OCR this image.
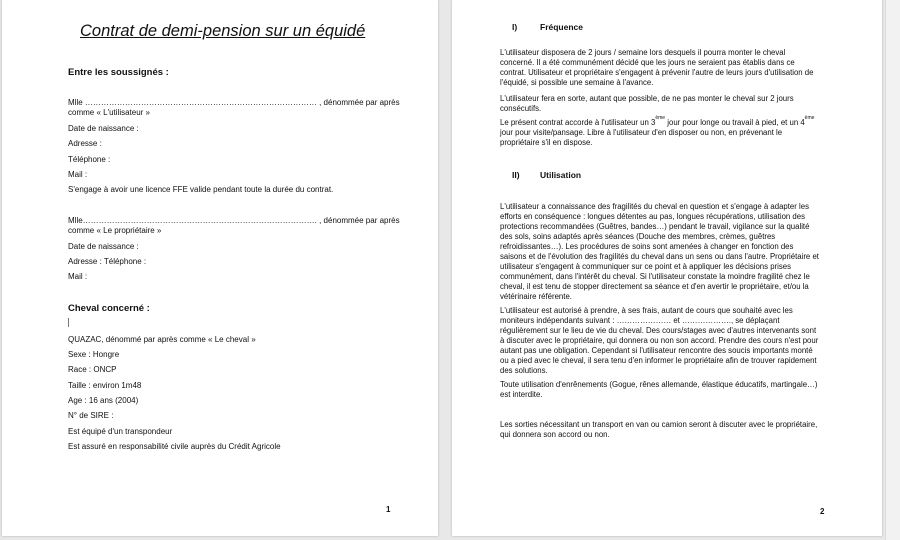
Contrat de demi-pension sur un équidé
Entre les soussignés :
Mlle …………………………………………………………………………… , dénommée par après
comme « L'utilisateur »
Date de naissance :
Adresse :
Téléphone :
Mail :
S'engage à avoir une licence FFE valide pendant toute la durée du contrat.
Mlle……………………………………………………………………………. , dénommée par après
comme « Le propriétaire »
Date de naissance :
Adresse : Téléphone :
Mail :
Cheval concerné :
QUAZAC, dénommé par après comme « Le cheval »
Sexe : Hongre
Race : ONCP
Taille : environ 1m48
Age : 16 ans (2004)
N° de SIRE :
Est équipé d'un transpondeur
Est assuré en responsabilité civile auprès du Crédit Agricole
1
I)	Fréquence
L'utilisateur disposera de 2 jours / semaine lors desquels il pourra monter le cheval
concerné. Il a été communément décidé que les jours ne seraient pas établis dans ce
contrat. Utilisateur et propriétaire s'engagent à prévenir l'autre de leurs jours d'utilisation de
l'équidé, si possible une semaine à l'avance.
L'utilisateur fera en sorte, autant que possible, de ne pas monter le cheval sur 2 jours
consécutifs.
Le présent contrat accorde à l'utilisateur un 3ème jour pour longe ou travail à pied, et un 4ème
jour pour visite/pansage. Libre à l'utilisateur d'en disposer ou non, en prévenant le
propriétaire s'il en dispose.
II) Utilisation
L'utilisateur a connaissance des fragilités du cheval en question et s'engage à adapter les
efforts en conséquence : longues détentes au pas, longues récupérations, utilisation des
protections recommandées (Guêtres, bandes…) pendant le travail, vigilance sur la qualité
des sols, soins adaptés après séances (Douche des membres, crèmes, guêtres
refroidissantes…). Les procédures de soins sont amenées à changer en fonction des
saisons et de l'évolution des fragilités du cheval dans un sens ou dans l'autre. Propriétaire et
utilisateur s'engagent à communiquer sur ce point et à appliquer les décisions prises
communément, dans l'intérêt du cheval. Si l'utilisateur constate la moindre fragilité chez le
cheval, il est tenu de stopper directement sa séance et d'en avertir le propriétaire, et/ou la
vétérinaire référente.
L'utilisateur est autorisé à prendre, à ses frais, autant de cours que souhaité avec les
moniteurs indépendants suivant : ………………… et ………………., se déplaçant
régulièrement sur le lieu de vie du cheval. Des cours/stages avec d'autres intervenants sont
à discuter avec le propriétaire, qui donnera ou non son accord. Prendre des cours n'est pour
autant pas une obligation. Cependant si l'utilisateur rencontre des soucis importants monté
ou a pied avec le cheval, il sera tenu d'en informer le propriétaire afin de trouver rapidement
des solutions.
Toute utilisation d'enrênements (Gogue, rênes allemande, élastique éducatifs, martingale…)
est interdite.
Les sorties nécessitant un transport en van ou camion seront à discuter avec le propriétaire,
qui donnera son accord ou non.
2
